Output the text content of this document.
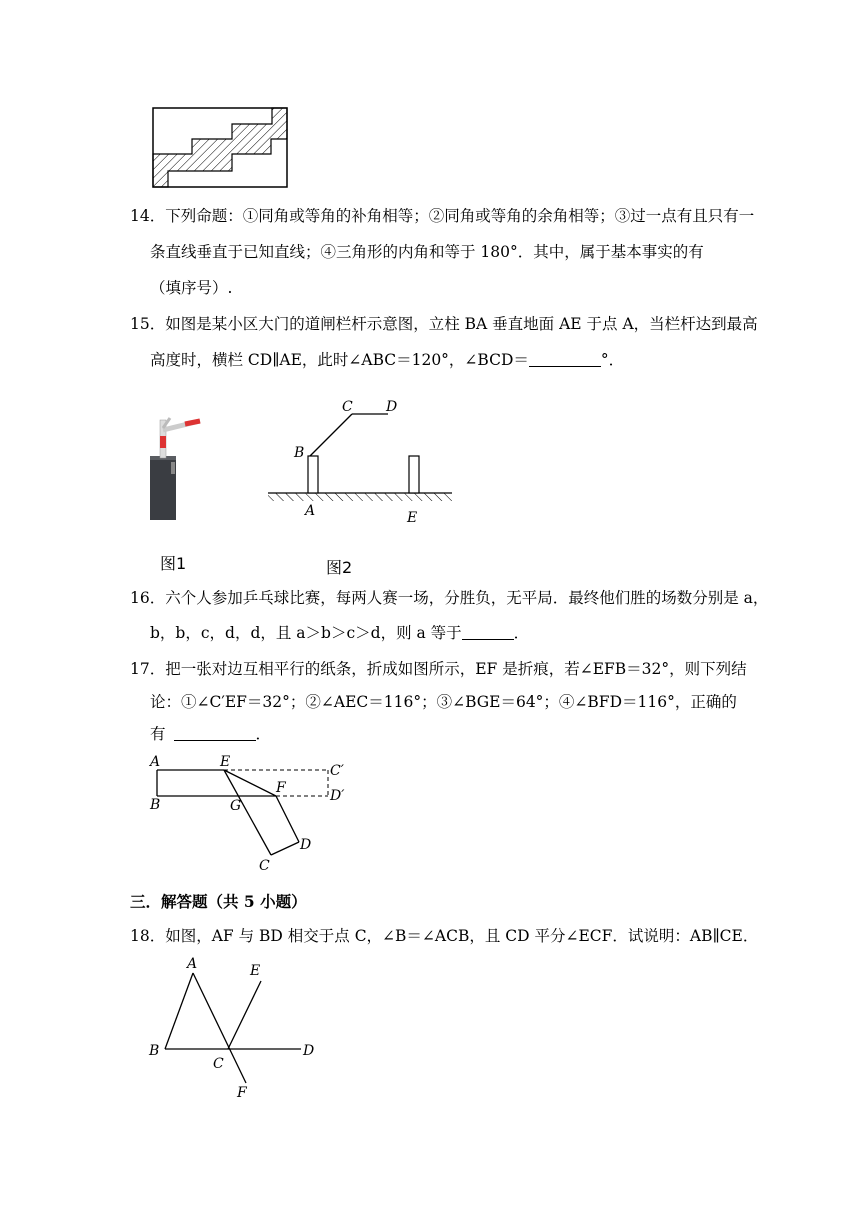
14．下列命题：①同角或等角的补角相等；②同角或等角的余角相等；③过一点有且只有一
条直线垂直于已知直线；④三角形的内角和等于 180°．其中，属于基本事实的有
（填序号）.
15．如图是某小区大门的道闸栏杆示意图，立柱 BA 垂直地面 AE 于点 A，当栏杆达到最高
高度时，横栏 CD∥AE，此时∠ABC＝120°，∠BCD＝	°．
图1
C D
B
A	E
图2
16．六个人参加乒乓球比赛，每两人赛一场，分胜负，无平局．最终他们胜的场数分别是 a，
b，b，c，d，d，且 a＞b＞c＞d，则 a 等于	．
17．把一张对边互相平行的纸条，折成如图所示，EF 是折痕，若∠EFB＝32°，则下列结
论：①∠C′EF＝32°；②∠AEC＝116°；③∠BGE＝64°；④∠BFD＝116°，正确的
有	．
A	E
C′
B	G
F	D′
D
C
三．解答题（共 5 小题）
18．如图，AF 与 BD 相交于点 C，∠B＝∠ACB，且 CD 平分∠ECF．试说明：AB∥CE．
A	E
B
C
D
F
